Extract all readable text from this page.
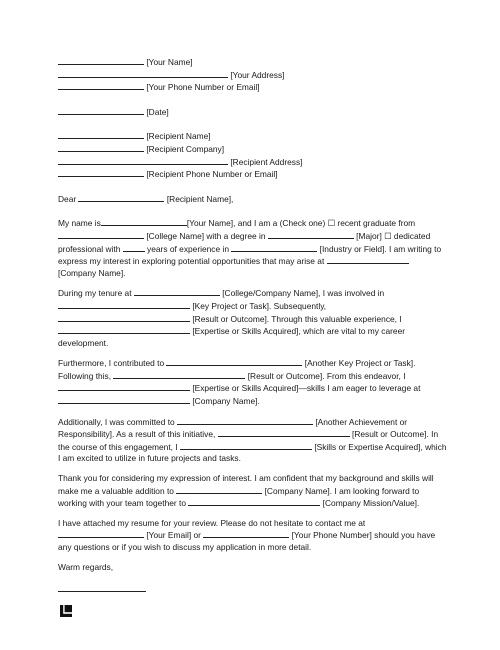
[Your Name]
[Your Address]
[Your Phone Number or Email]
[Date]
[Recipient Name]
[Recipient Company]
[Recipient Address]
[Recipient Phone Number or Email]
Dear	[Recipient Name],
My name is	[Your Name], and I am a (Check one) ☐ recent graduate from
[College Name] with a degree in	[Major] ☐ dedicated
professional with	years of experience in	[Industry or Field]. I am writing to
express my interest in exploring potential opportunities that may arise at
[Company Name].
During my tenure at	[College/Company Name], I was involved in
[Key Project or Task]. Subsequently,
[Result or Outcome]. Through this valuable experience, I
[Expertise or Skills Acquired], which are vital to my career
development.
Furthermore, I contributed to	[Another Key Project or Task].
Following this,	[Result or Outcome]. From this endeavor, I
[Expertise or Skills Acquired]—skills I am eager to leverage at
[Company Name].
Additionally, I was committed to	[Another Achievement or
Responsibility]. As a result of this initiative,	[Result or Outcome]. In
the course of this engagement, I	[Skills or Expertise Acquired], which
I am excited to utilize in future projects and tasks.
Thank you for considering my expression of interest. I am confident that my background and skills will
make me a valuable addition to	[Company Name]. I am looking forward to
working with your team together to	[Company Mission/Value].
I have attached my resume for your review. Please do not hesitate to contact me at
[Your Email] or	[Your Phone Number] should you have
any questions or if you wish to discuss my application in more detail.
Warm regards,
